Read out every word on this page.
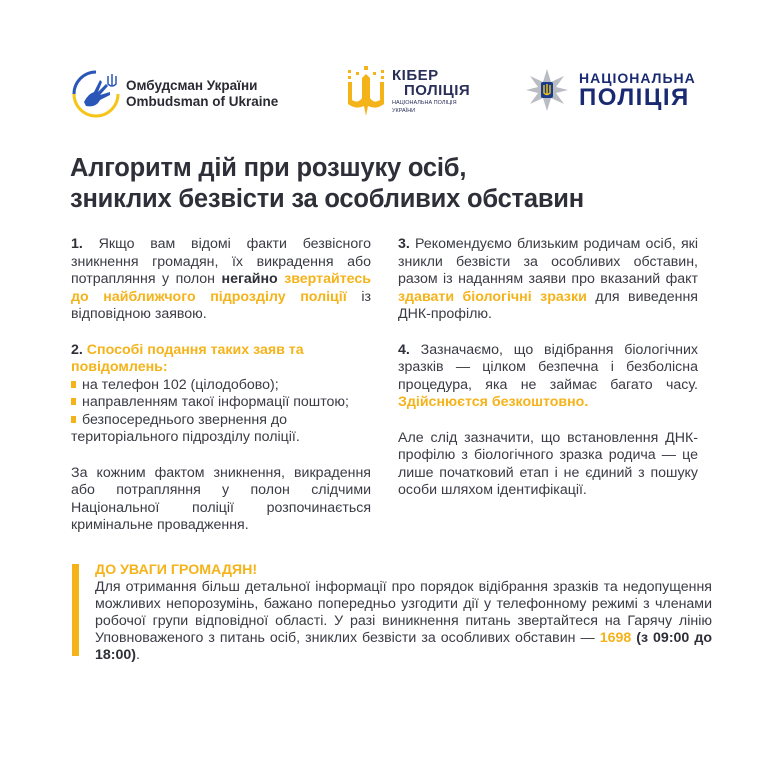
Омбудсман України
Ombudsman of Ukraine
КІБЕР
ПОЛІЦІЯ
НАЦІОНАЛЬНА ПОЛІЦІЯ
УКРАЇНИ
НАЦІОНАЛЬНА
ПОЛІЦІЯ
Алгоритм дій при розшуку осіб,
зниклих безвісти за особливих обставин

1. Якщо вам відомі факти безвісного зникнення громадян, їх викрадення або потрапляння у полон негайно звертайтесь до найближчого підрозділу поліції із відповідною заявою.

2. Способі подання таких заяв та повідомлень:
на телефон 102 (цілодобово);
направленням такої інформації поштою;
безпосереднього звернення до територіального підрозділу поліції.

За кожним фактом зникнення, викрадення або потрапляння у полон слідчими Національної поліції розпочинається кримінальне провадження.

3. Рекомендуємо близьким родичам осіб, які зникли безвісти за особливих обставин, разом із наданням заяви про вказаний факт здавати біологічні зразки для виведення ДНК-профілю.

4. Зазначаємо, що відібрання біологічних зразків — цілком безпечна і безболісна процедура, яка не займає багато часу. Здійснюєтся безкоштовно.

Але слід зазначити, що встановлення ДНК-профілю з біологічного зразка родича — це лише початковий етап і не єдиний з пошуку особи шляхом ідентифікації.

ДО УВАГИ ГРОМАДЯН!
Для отримання більш детальної інформації про порядок відібрання зразків та недопущення можливих непорозумінь, бажано попередньо узгодити дії у телефонному режимі з членами робочої групи відповідної області. У разі виникнення питань звертайтеся на Гарячу лінію Уповноваженого з питань осіб, зниклих безвісти за особливих обставин — 1698 (з 09:00 до 18:00).
